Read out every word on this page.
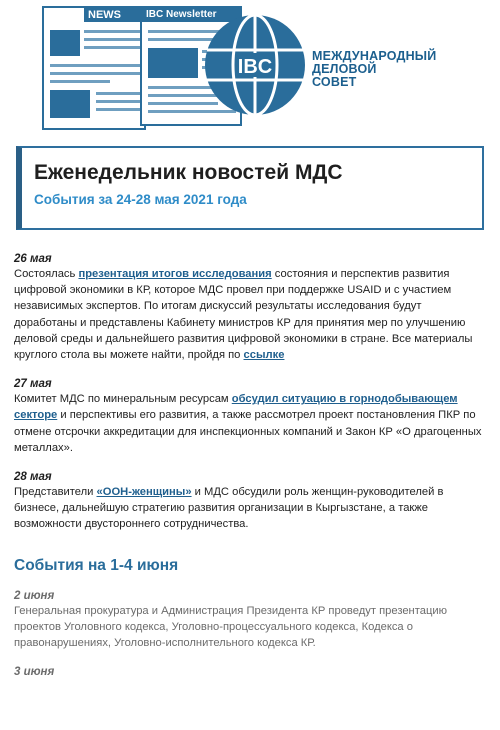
NEWS	IBC Newsletter
IBC	МЕЖДУНАРОДНЫЙ
ДЕЛОВОЙ
СОВЕТ
Еженедельник новостей МДС
События за 24-28 мая 2021 года
26 мая
Состоялась презентация итогов исследования состояния и перспектив развития цифровой экономики в КР, которое МДС провел при поддержке USAID и с участием независимых экспертов. По итогам дискуссий результаты исследования будут доработаны и представлены Кабинету министров КР для принятия мер по улучшению деловой среды и дальнейшего развития цифровой экономики в стране. Все материалы круглого стола вы можете найти, пройдя по ссылке
27 мая
Комитет МДС по минеральным ресурсам обсудил ситуацию в горнодобывающем секторе и перспективы его развития, а также рассмотрел проект постановления ПКР по отмене отсрочки аккредитации для инспекционных компаний и Закон КР «О драгоценных металлах».
28 мая
Представители «ООН-женщины» и МДС обсудили роль женщин-руководителей в бизнесе, дальнейшую стратегию развития организации в Кыргызстане, а также возможности двустороннего сотрудничества.
События на 1-4 июня
2 июня
Генеральная прокуратура и Администрация Президента КР проведут презентацию проектов Уголовного кодекса, Уголовно-процессуального кодекса, Кодекса о правонарушениях, Уголовно-исполнительного кодекса КР.
3 июня
